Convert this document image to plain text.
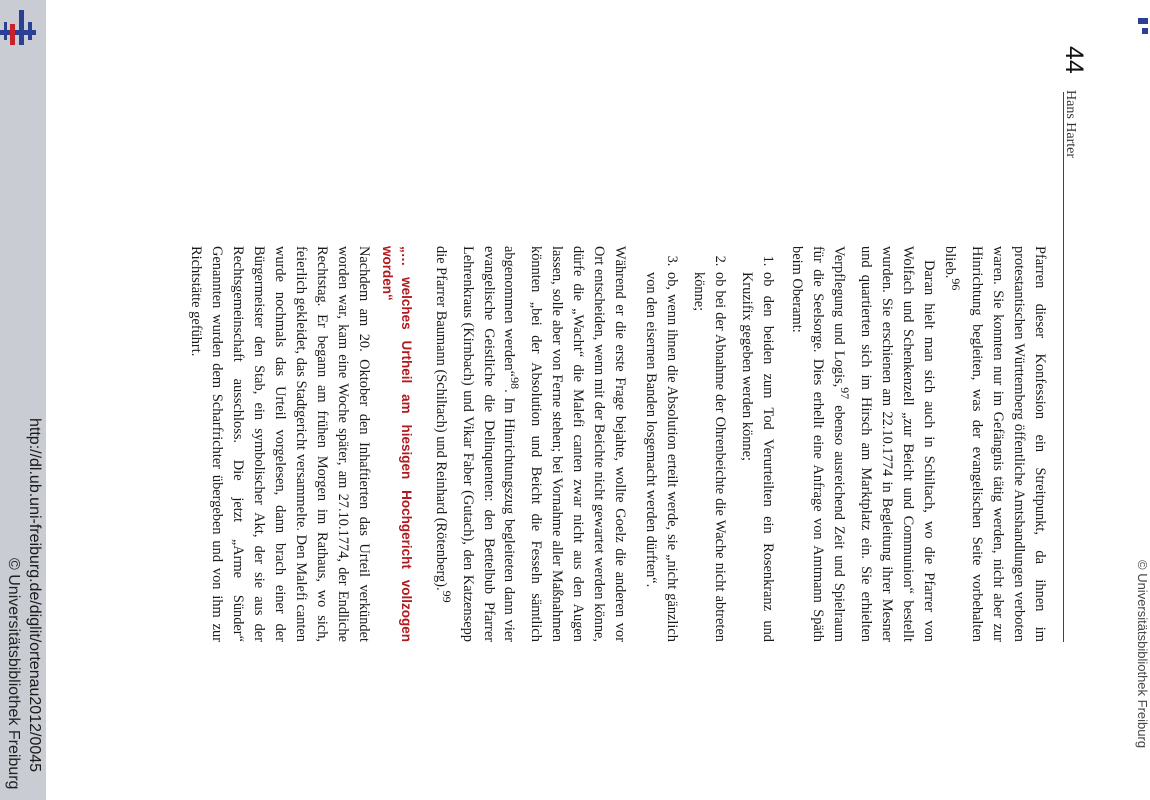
http://dl.ub.uni-freiburg.de/diglit/ortenau2012/0045
© Universitätsbibliothek Freiburg	© Universitätsbibliothek Freiburg
44
Hans Harter

Pfarren dieser Konfession ein Streitpunkt, da ihnen im protestantischen Württemberg öffentliche Amtshandlungen verboten waren. Sie konnten nur im Gefängnis tätig werden, nicht aber zur Hinrichtung begleiten, was der evangelischen Seite vorbehalten blieb.$^{96}$

Daran hielt man sich auch in Schiltach, wo die Pfarrer von Wolfach und Schenkenzell „zur Beicht und Communion“ bestellt wurden. Sie erschienen am 22.10.1774 in Begleitung ihrer Mesner und quartierten sich im Hirsch am Marktplatz ein. Sie erhielten Verpflegung und Logis,$^{97}$ ebenso ausreichend Zeit und Spielraum für die Seelsorge. Dies erhellt eine Anfrage von Amtmann Späth beim Oberamt:

1. ob den beiden zum Tod Verurteilten ein Rosenkranz und Kruzifix gegeben werden könne;
2. ob bei der Abnahme der Ohrenbeichte die Wache nicht abtreten könne;
3. ob, wenn ihnen die Absolution erteilt werde, sie „nicht gänzlich von den eisernen Banden losgemacht werden dürften“.

Während er die erste Frage bejahte, wollte Goelz die anderen vor Ort entscheiden, wenn mit der Beichte nicht gewartet werden könne, dürfe die „Wacht“ die Malefi canten zwar nicht aus den Augen lassen, solle aber von Ferne stehen; bei Vornahme aller Maßnahmen könnten „bei der Absolution und Beicht die Fesseln sämtlich abgenommen werden“$^{98}$. Im Hinrichtungszug begleiteten dann vier evangelische Geistliche die Delinquenten: den Bettelbub Pfarrer Lehrenkraus (Kirnbach) und Vikar Faber (Gutach), den Katzensepp die Pfarrer Baumann (Schiltach) und Reinhard (Rötenberg).$^{99}$

„… welches Urtheil am hiesigen Hochgericht vollzogen worden“

Nachdem am 20. Oktober den Inhaftierten das Urteil verkündet worden war, kam eine Woche später, am 27.10.1774, der Endliche Rechtstag. Er begann am frühen Morgen im Rathaus, wo sich, feierlich gekleidet, das Stadtgericht versammelte. Den Malefi canten wurde nochmals das Urteil vorgelesen, dann brach einer der Bürgermeister den Stab, ein symbolischer Akt, der sie aus der Rechtsgemeinschaft ausschloss. Die jetzt „Arme Sünder“ Genannten wurden dem Scharfrichter übergeben und von ihm zur Richtstätte geführt.
